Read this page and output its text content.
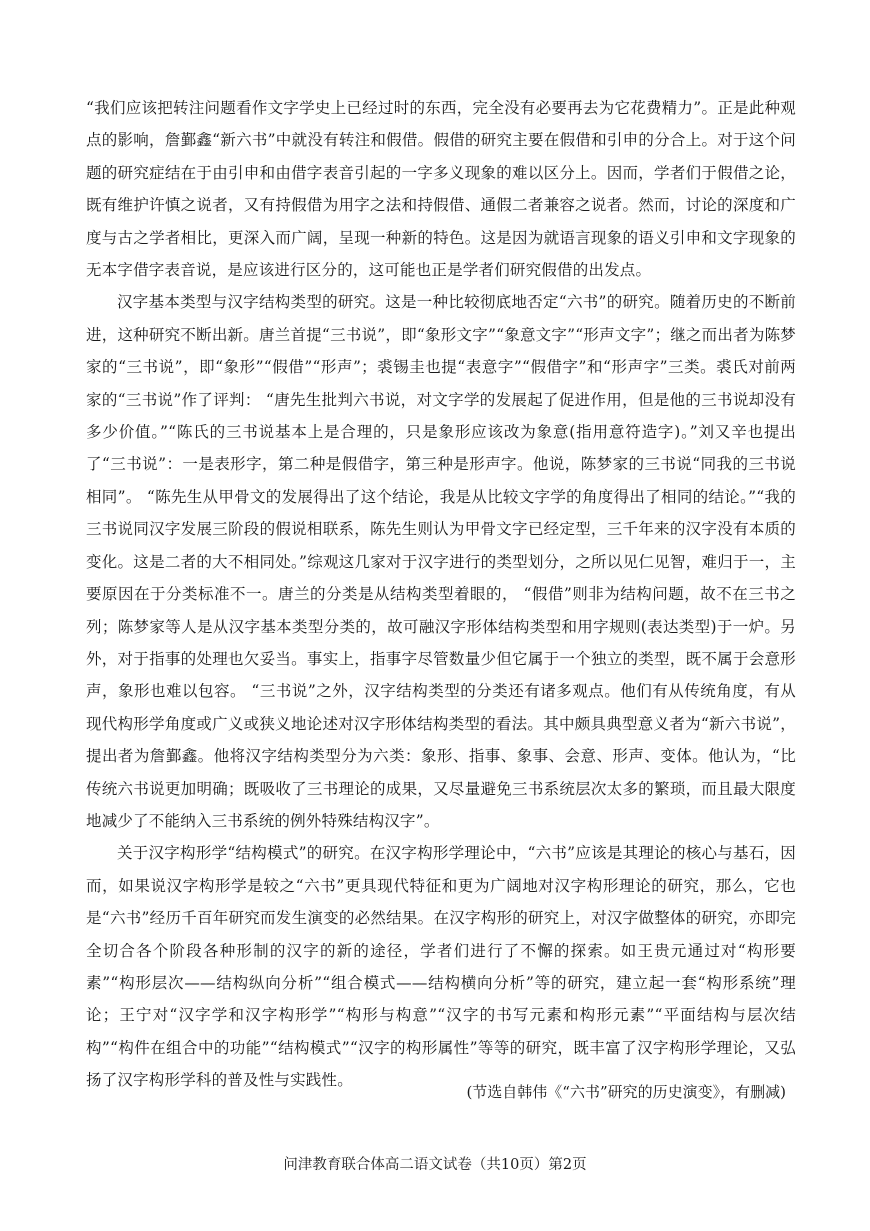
“我们应该把转注问题看作文字学史上已经过时的东西，完全没有必要再去为它花费精力”。正是此种观点的影响，詹鄞鑫“新六书”中就没有转注和假借。假借的研究主要在假借和引申的分合上。对于这个问题的研究症结在于由引申和由借字表音引起的一字多义现象的难以区分上。因而，学者们于假借之论，既有维护许慎之说者，又有持假借为用字之法和持假借、通假二者兼容之说者。然而，讨论的深度和广度与古之学者相比，更深入而广阔，呈现一种新的特色。这是因为就语言现象的语义引申和文字现象的无本字借字表音说，是应该进行区分的，这可能也正是学者们研究假借的出发点。

汉字基本类型与汉字结构类型的研究。这是一种比较彻底地否定“六书”的研究。随着历史的不断前进，这种研究不断出新。唐兰首提“三书说”，即“象形文字”“象意文字”“形声文字”；继之而出者为陈梦家的“三书说”，即“象形”“假借”“形声”；裘锡圭也提“表意字”“假借字”和“形声字”三类。裘氏对前两家的“三书说”作了评判： “唐先生批判六书说，对文字学的发展起了促进作用，但是他的三书说却没有多少价值。”“陈氏的三书说基本上是合理的，只是象形应该改为象意(指用意符造字)。”刘又辛也提出了“三书说”：一是表形字，第二种是假借字，第三种是形声字。他说，陈梦家的三书说“同我的三书说相同”。 “陈先生从甲骨文的发展得出了这个结论，我是从比较文字学的角度得出了相同的结论。”“我的三书说同汉字发展三阶段的假说相联系，陈先生则认为甲骨文字已经定型，三千年来的汉字没有本质的变化。这是二者的大不相同处。”综观这几家对于汉字进行的类型划分，之所以见仁见智，难归于一，主要原因在于分类标准不一。唐兰的分类是从结构类型着眼的， “假借”则非为结构问题，故不在三书之列；陈梦家等人是从汉字基本类型分类的，故可融汉字形体结构类型和用字规则(表达类型)于一炉。另外，对于指事的处理也欠妥当。事实上，指事字尽管数量少但它属于一个独立的类型，既不属于会意形声，象形也难以包容。 “三书说”之外，汉字结构类型的分类还有诸多观点。他们有从传统角度，有从现代构形学角度或广义或狭义地论述对汉字形体结构类型的看法。其中颇具典型意义者为“新六书说”，提出者为詹鄞鑫。他将汉字结构类型分为六类：象形、指事、象事、会意、形声、变体。他认为，“比传统六书说更加明确；既吸收了三书理论的成果，又尽量避免三书系统层次太多的繁琐，而且最大限度地减少了不能纳入三书系统的例外特殊结构汉字”。

关于汉字构形学“结构模式”的研究。在汉字构形学理论中，“六书”应该是其理论的核心与基石，因而，如果说汉字构形学是较之“六书”更具现代特征和更为广阔地对汉字构形理论的研究，那么，它也是“六书”经历千百年研究而发生演变的必然结果。在汉字构形的研究上，对汉字做整体的研究，亦即完全切合各个阶段各种形制的汉字的新的途径，学者们进行了不懈的探索。如王贵元通过对“构形要素”“构形层次——结构纵向分析”“组合模式——结构横向分析”等的研究，建立起一套“构形系统”理论；王宁对“汉字学和汉字构形学”“构形与构意”“汉字的书写元素和构形元素”“平面结构与层次结构”“构件在组合中的功能”“结构模式”“汉字的构形属性”等等的研究，既丰富了汉字构形学理论，又弘扬了汉字构形学科的普及性与实践性。

(节选自韩伟《“六书”研究的历史演变》，有删减)

问津教育联合体高二语文试卷（共10页）第2页
